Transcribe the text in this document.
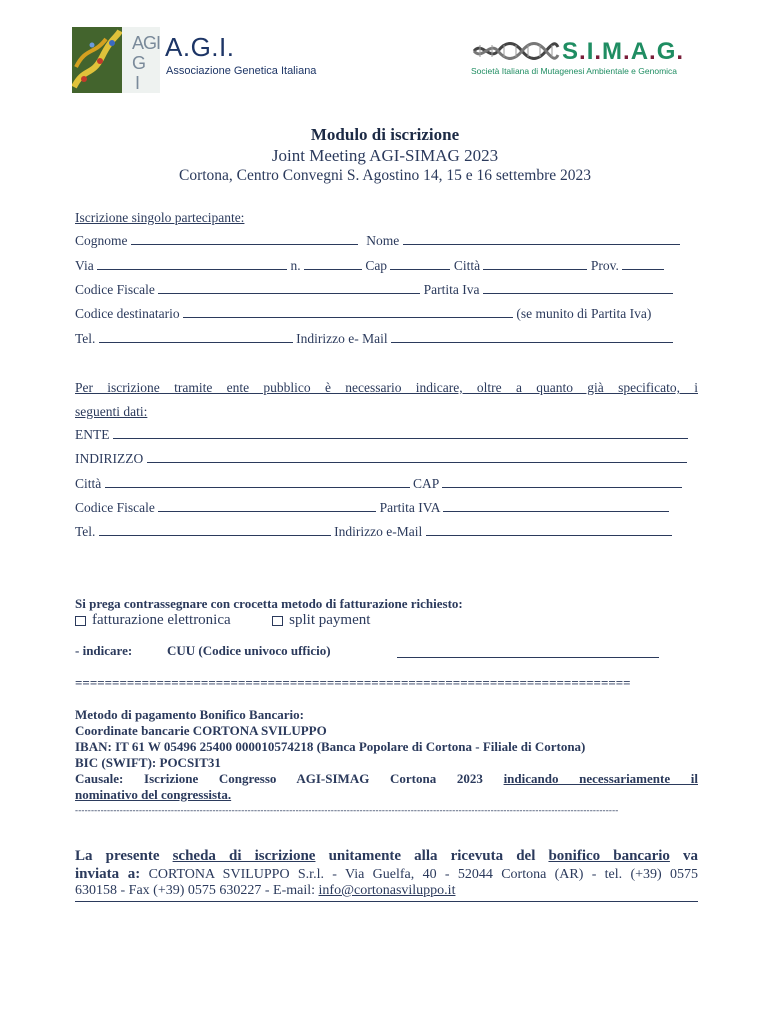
AGI
G
I
A.G.I.
Associazione Genetica Italiana
S.I.M.A.G.
Società Italiana di Mutagenesi Ambientale e Genomica
Modulo di iscrizione
Joint Meeting AGI-SIMAG 2023
Cortona, Centro Convegni S. Agostino 14, 15 e 16 settembre 2023
Iscrizione singolo partecipante:
Cognome	Nome
Via	n.	Cap	Città	Prov.
Codice Fiscale	Partita Iva
Codice destinatario	(se munito di Partita Iva)
Tel.	Indirizzo e- Mail
Per iscrizione tramite ente pubblico è necessario indicare, oltre a quanto già specificato, i
seguenti dati:
ENTE
INDIRIZZO
Città	CAP
Codice Fiscale	Partita IVA
Tel.	Indirizzo e-Mail
Si prega contrassegnare con crocetta metodo di fatturazione richiesto:
fatturazione elettronica	split payment
- indicare:	CUU (Codice univoco ufficio)
===========================================================================
Metodo di pagamento Bonifico Bancario:
Coordinate bancarie CORTONA SVILUPPO
IBAN: IT 61 W 05496 25400 000010574218 (Banca Popolare di Cortona - Filiale di Cortona)
BIC (SWIFT): POCSIT31
Causale: Iscrizione Congresso AGI-SIMAG Cortona 2023 indicando necessariamente il
nominativo del congressista.
--------------------------------------------------------------------------------------------------------------------------------------------------------------------------
La presente scheda di iscrizione unitamente alla ricevuta del bonifico bancario va
inviata a: CORTONA SVILUPPO S.r.l. - Via Guelfa, 40 - 52044 Cortona (AR) - tel. (+39) 0575
630158 - Fax (+39) 0575 630227 - E-mail: info@cortonasviluppo.it
